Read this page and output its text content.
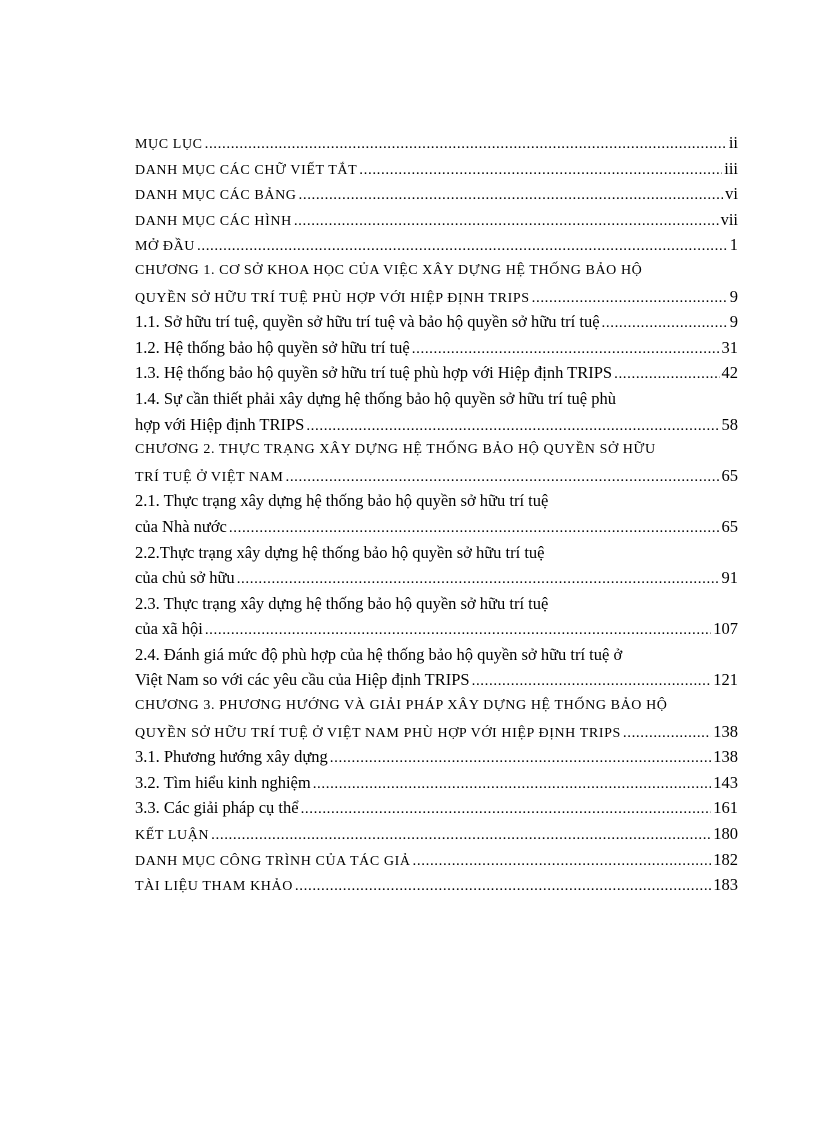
MỤC LỤC .....	ii
DANH MỤC CÁC CHỮ VIẾT TẮT .....	iii
DANH MỤC CÁC BẢNG .....	vi
DANH MỤC CÁC HÌNH .....	vii
MỞ ĐẦU .....	1
CHƯƠNG 1. CƠ SỞ KHOA HỌC CỦA VIỆC XÂY DỰNG HỆ THỐNG BẢO HỘ
QUYỀN SỞ HỮU TRÍ TUỆ PHÙ HỢP VỚI HIỆP ĐỊNH TRIPS .....	9
1.1. Sở hữu trí tuệ, quyền sở hữu trí tuệ và bảo hộ quyền sở hữu trí tuệ .....	9
1.2. Hệ thống bảo hộ quyền sở hữu trí tuệ .....	31
1.3. Hệ thống bảo hộ quyền sở hữu trí tuệ phù hợp với Hiệp định TRIPS .....	42
1.4. Sự cần thiết phải xây dựng hệ thống bảo hộ quyền sở hữu trí tuệ phù
hợp với Hiệp định TRIPS .....	58
CHƯƠNG 2. THỰC TRẠNG XÂY DỰNG HỆ THỐNG BẢO HỘ QUYỀN SỞ HỮU
TRÍ TUỆ Ở VIỆT NAM .....	65
2.1. Thực trạng xây dựng hệ thống bảo hộ quyền sở hữu trí tuệ
của Nhà nước .....	65
2.2.Thực trạng xây dựng hệ thống bảo hộ quyền sở hữu trí tuệ
của chủ sở hữu .....	91
2.3. Thực trạng xây dựng hệ thống bảo hộ quyền sở hữu trí tuệ
của xã hội .....	107
2.4. Đánh giá mức độ phù hợp của hệ thống bảo hộ quyền sở hữu trí tuệ ở
Việt Nam so với các yêu cầu của Hiệp định TRIPS .....	121
CHƯƠNG 3. PHƯƠNG HƯỚNG VÀ GIẢI PHÁP XÂY DỰNG HỆ THỐNG BẢO HỘ
QUYỀN SỞ HỮU TRÍ TUỆ Ở VIỆT NAM PHÙ HỢP VỚI HIỆP ĐỊNH TRIPS .....	138
3.1. Phương hướng xây dựng .....	138
3.2. Tìm hiểu kinh nghiệm .....	143
3.3. Các giải pháp cụ thể .....	161
KẾT LUẬN .....	180
DANH MỤC CÔNG TRÌNH CỦA TÁC GIẢ .....	182
TÀI LIỆU THAM KHẢO .....	183
